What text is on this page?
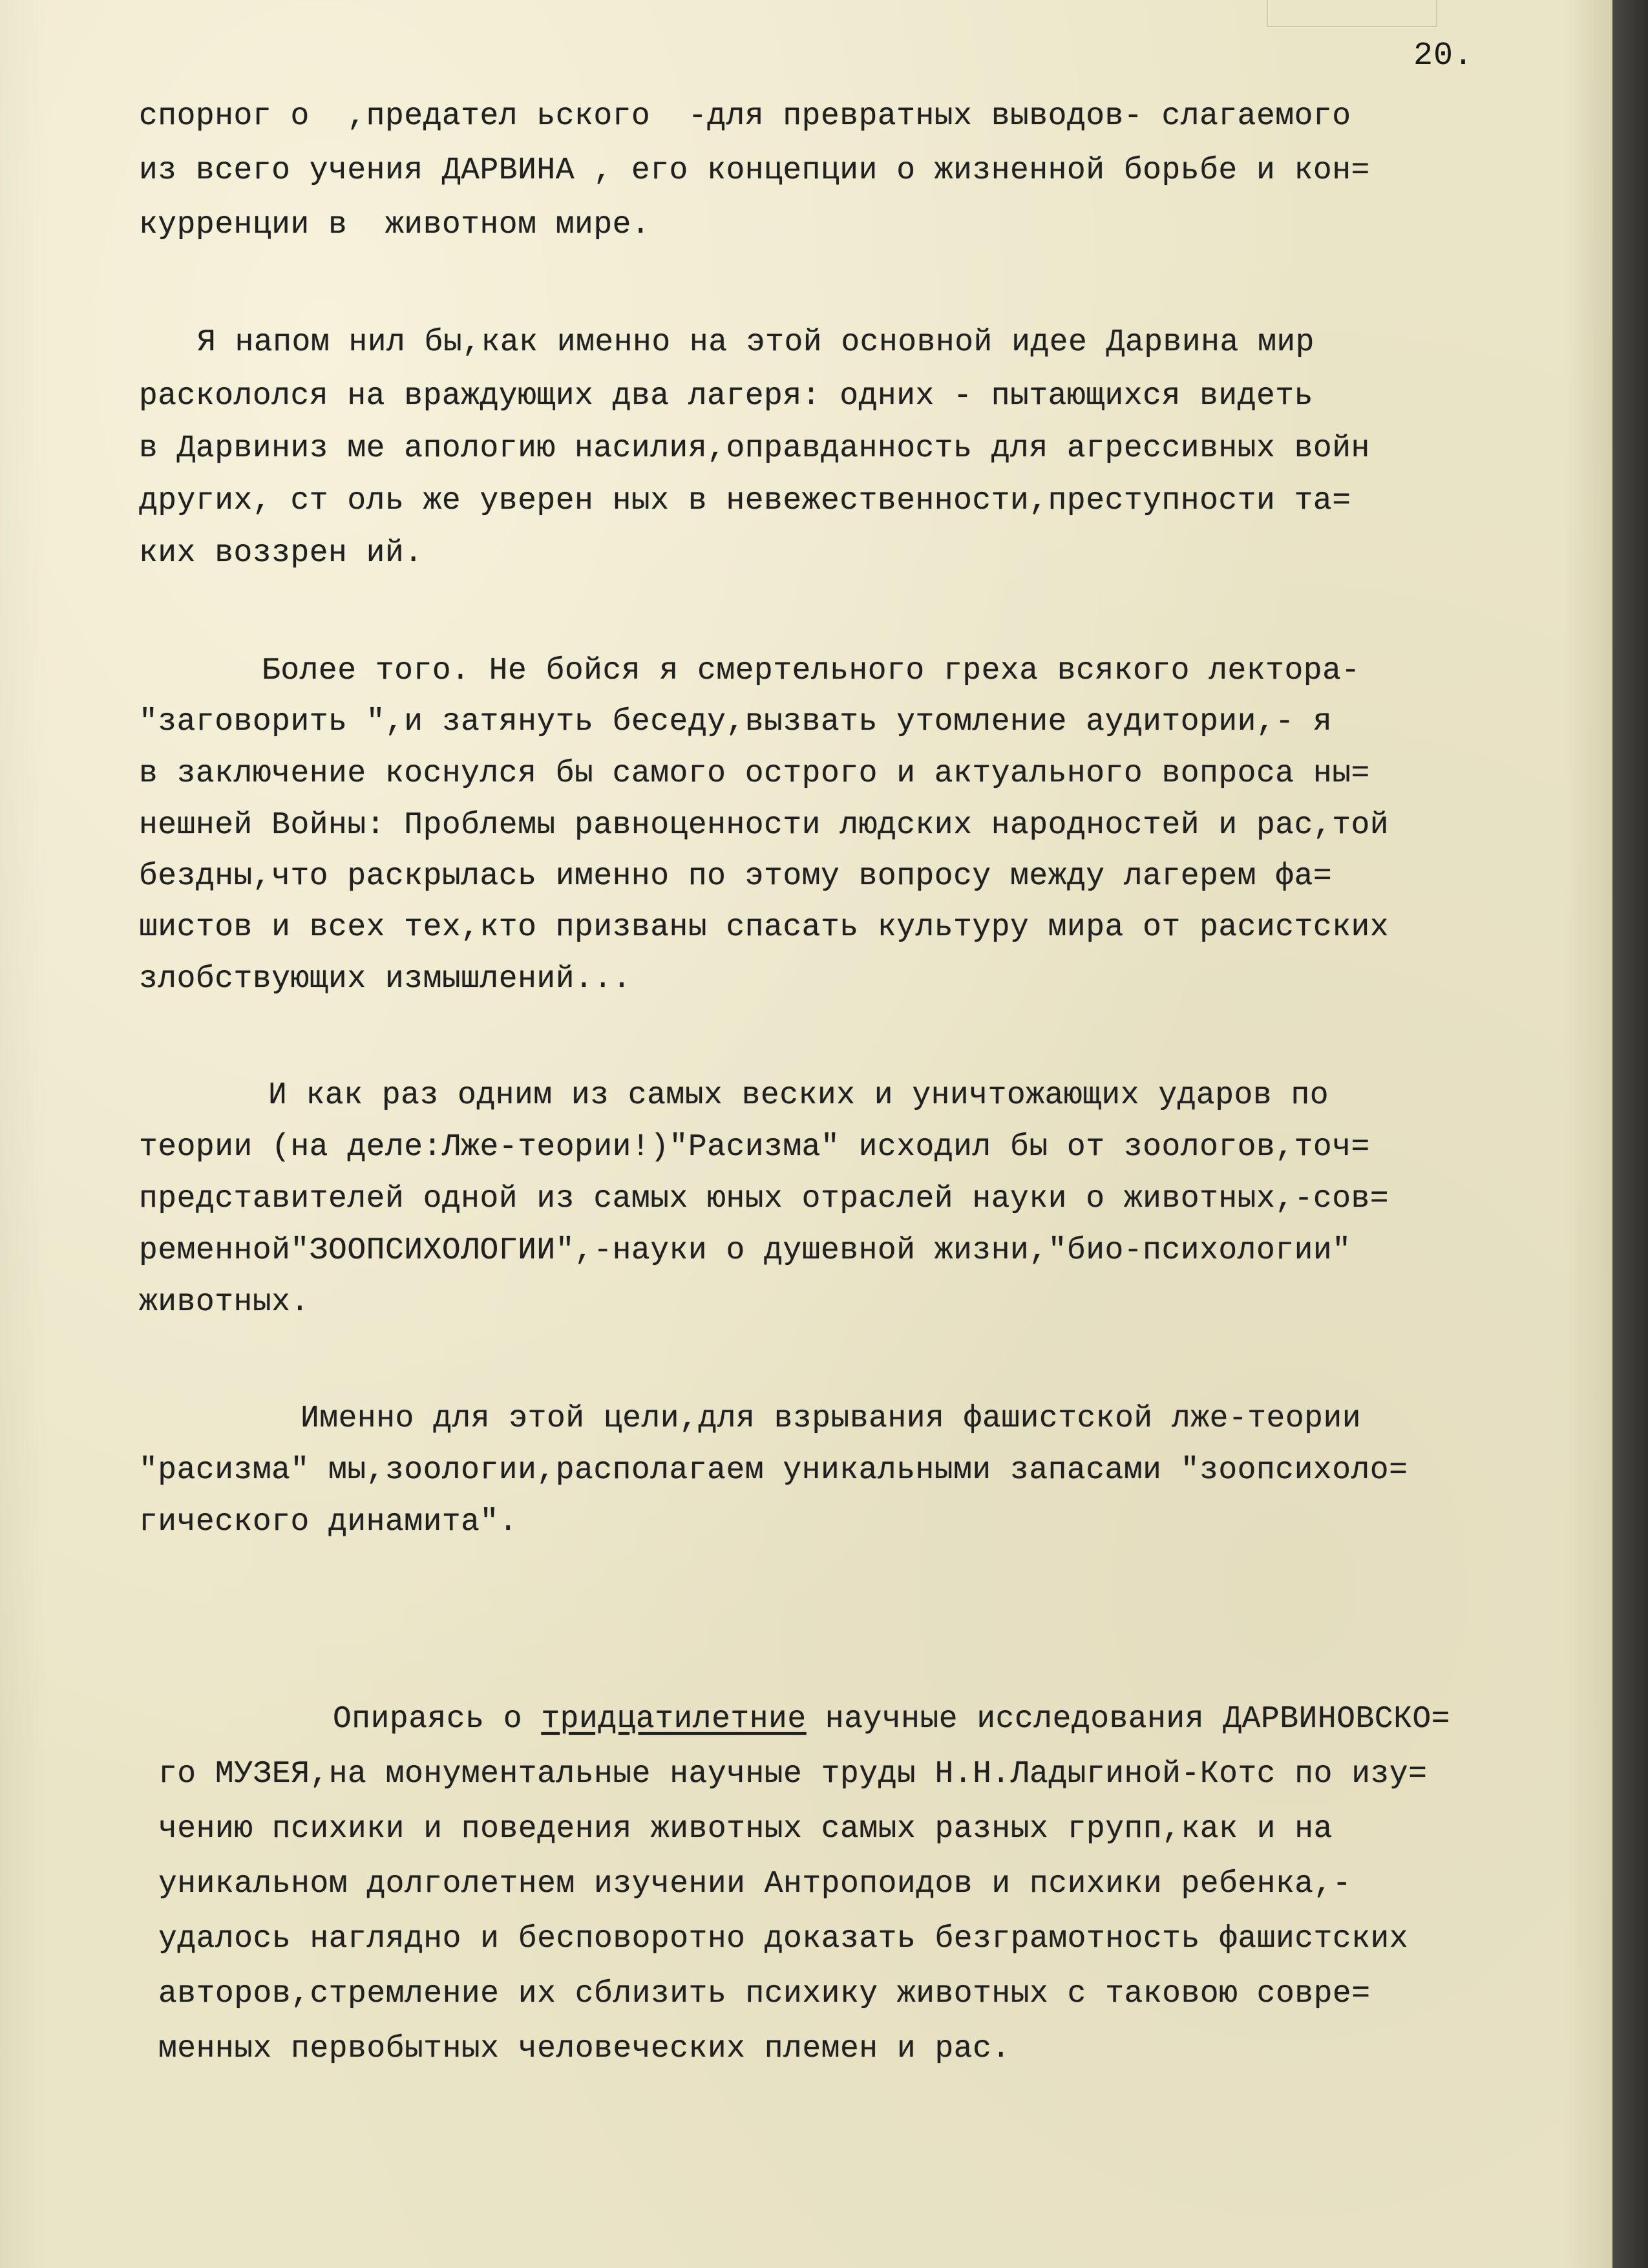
20.
спорног о  ,предател ьского  -для превратных выводов- слагаемого
из всего учения ДАРВИНА , его концепции о жизненной борьбе и кон=
курренции в  животном мире.
Я напом нил бы,как именно на этой основной идее Дарвина мир
раскололся на враждующих два лагеря: одних - пытающихся видеть
в Дарвиниз ме апологию насилия,оправданность для агрессивных войн
других, ст оль же уверен ных в невежественности,преступности та=
ких воззрен ий.
Более того. Не бойся я смертельного греха всякого лектора-
"заговорить ",и затянуть беседу,вызвать утомление аудитории,- я
в заключение коснулся бы самого острого и актуального вопроса ны=
нешней Войны: Проблемы равноценности людских народностей и рас,той
бездны,что раскрылась именно по этому вопросу между лагерем фа=
шистов и всех тех,кто призваны спасать культуру мира от расистских
злобствующих измышлений...
И как раз одним из самых веских и уничтожающих ударов по
теории (на деле:Лже-теории!)"Расизма" исходил бы от зоологов,точ=
представителей одной из самых юных отраслей науки о животных,-сов=
ременной"ЗООПСИХОЛОГИИ",-науки о душевной жизни,"био-психологии"
животных.
Именно для этой цели,для взрывания фашистской лже-теории
"расизма" мы,зоологии,располагаем уникальными запасами "зоопсихоло=
гического динамита".
Опираясь о тридцатилетние научные исследования ДАРВИНОВСКО=
го МУЗЕЯ,на монументальные научные труды Н.Н.Ладыгиной-Котс по изу=
чению психики и поведения животных самых разных групп,как и на
уникальном долголетнем изучении Антропоидов и психики ребенка,-
удалось наглядно и бесповоротно доказать безграмотность фашистских
авторов,стремление их сблизить психику животных с таковою совре=
менных первобытных человеческих племен и рас.
